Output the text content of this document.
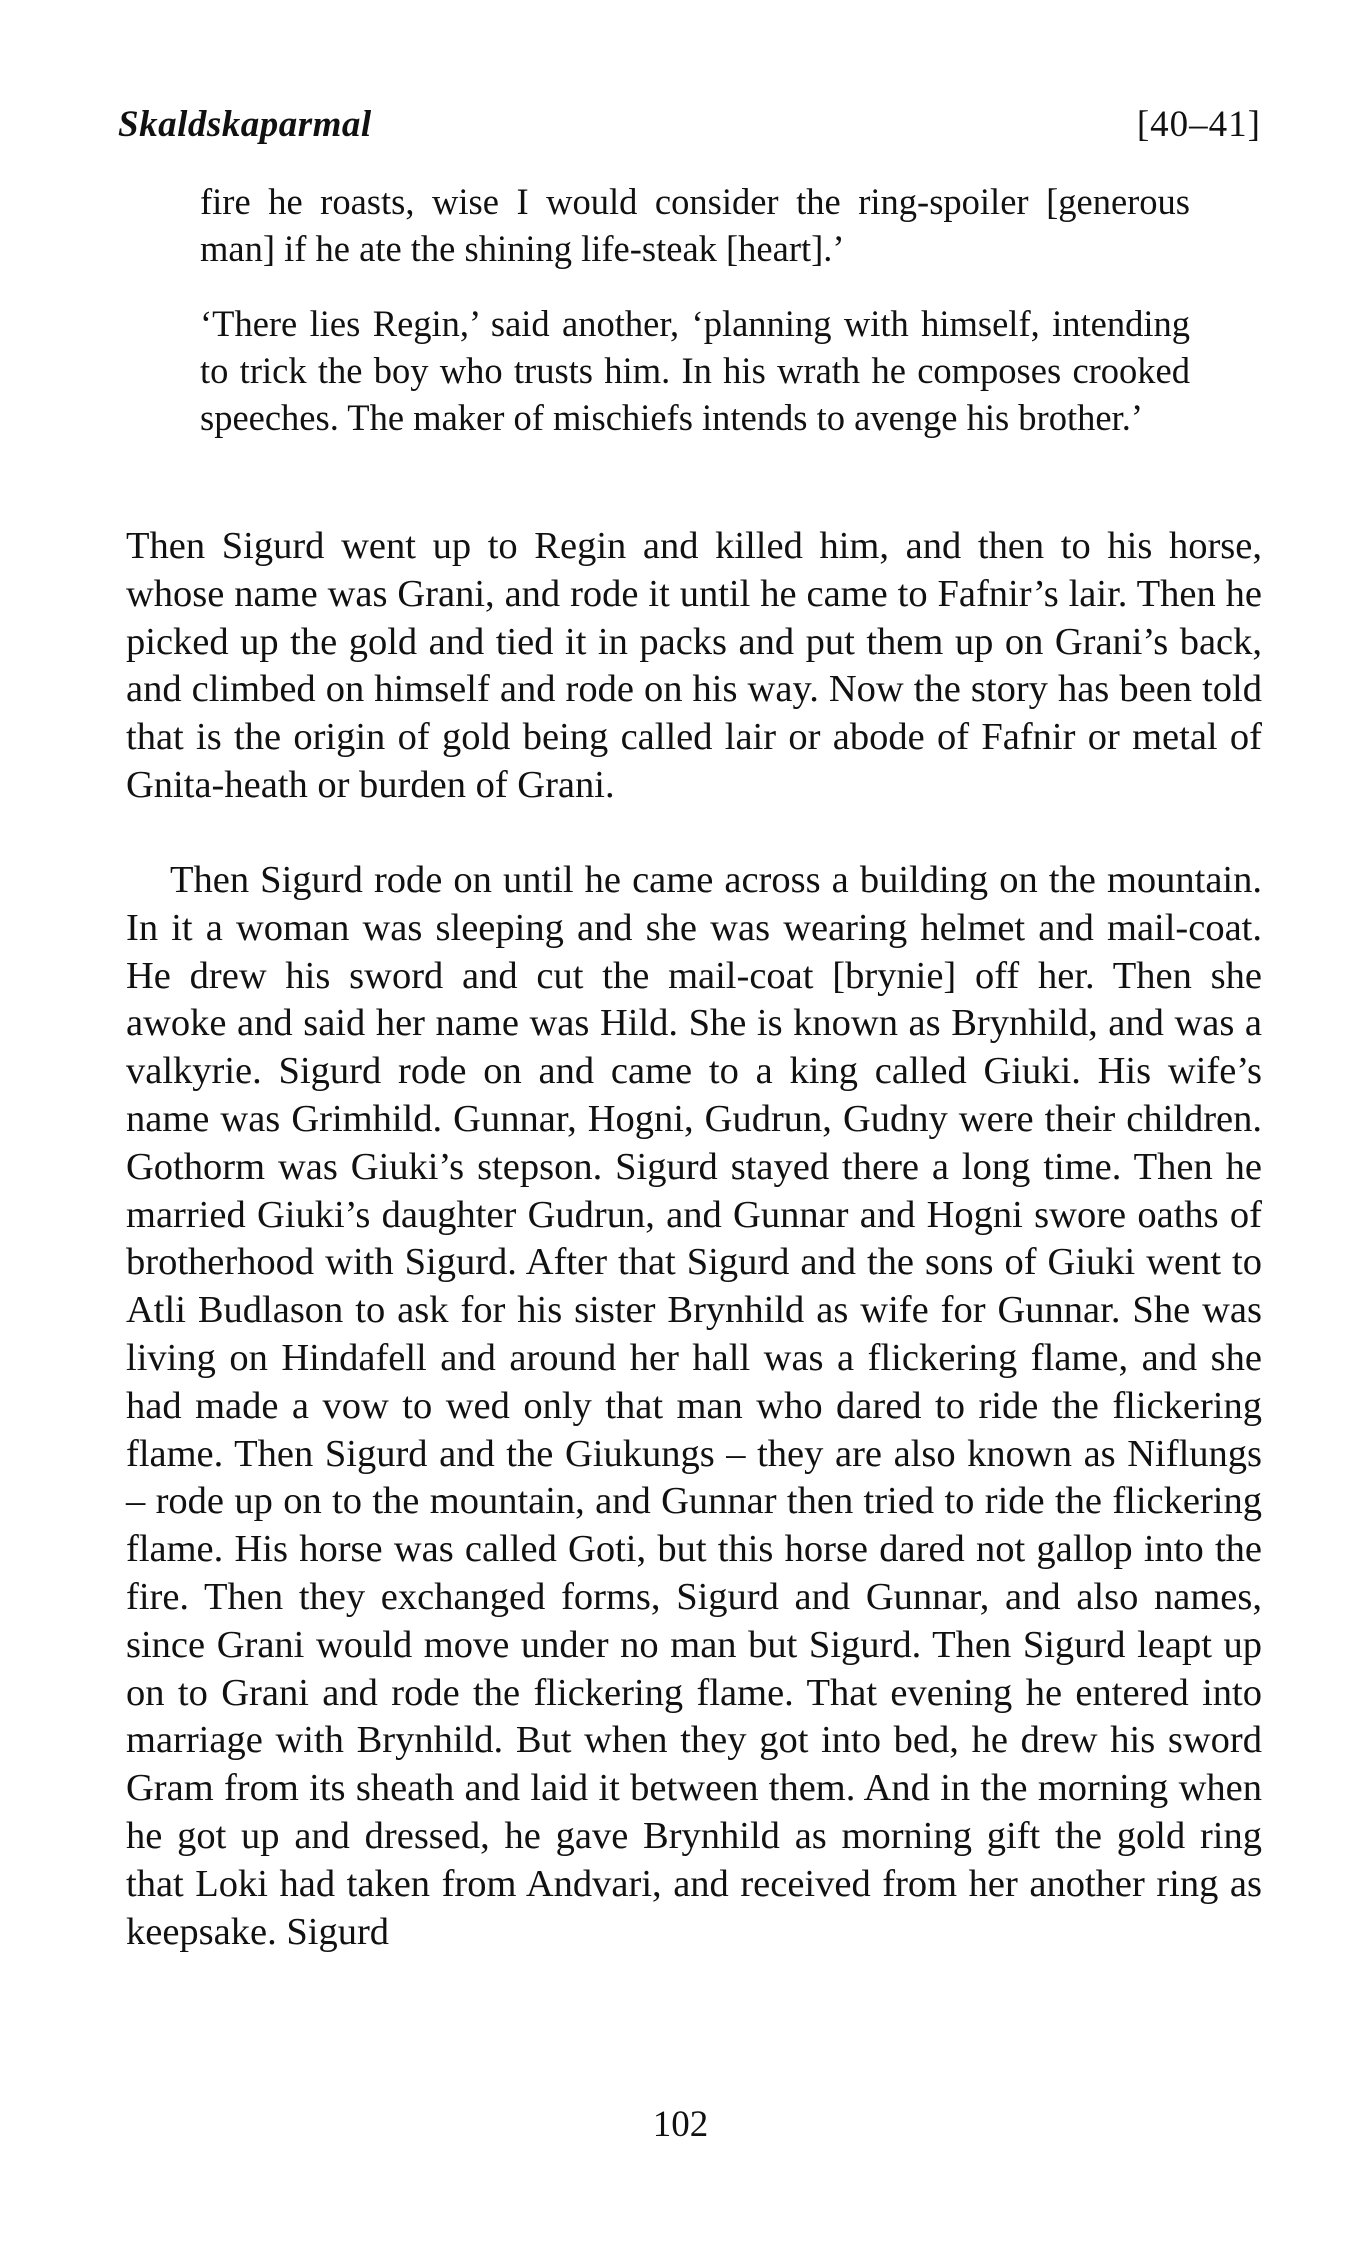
Skaldskaparmal	[40–41]

fire he roasts, wise I would consider the ring-spoiler [generous man] if he ate the shining life-steak [heart].’

‘There lies Regin,’ said another, ‘planning with himself, intending to trick the boy who trusts him. In his wrath he composes crooked speeches. The maker of mischiefs intends to avenge his brother.’

Then Sigurd went up to Regin and killed him, and then to his horse, whose name was Grani, and rode it until he came to Fafnir’s lair. Then he picked up the gold and tied it in packs and put them up on Grani’s back, and climbed on himself and rode on his way. Now the story has been told that is the origin of gold being called lair or abode of Fafnir or metal of Gnita-heath or burden of Grani.

Then Sigurd rode on until he came across a building on the mountain. In it a woman was sleeping and she was wearing helmet and mail-coat. He drew his sword and cut the mail-coat [brynie] off her. Then she awoke and said her name was Hild. She is known as Brynhild, and was a valkyrie. Sigurd rode on and came to a king called Giuki. His wife’s name was Grimhild. Gunnar, Hogni, Gudrun, Gudny were their children. Gothorm was Giuki’s stepson. Sigurd stayed there a long time. Then he married Giuki’s daughter Gudrun, and Gunnar and Hogni swore oaths of brotherhood with Sigurd. After that Sigurd and the sons of Giuki went to Atli Budlason to ask for his sister Brynhild as wife for Gunnar. She was living on Hindafell and around her hall was a flickering flame, and she had made a vow to wed only that man who dared to ride the flickering flame. Then Sigurd and the Giukungs – they are also known as Niflungs – rode up on to the mountain, and Gunnar then tried to ride the flickering flame. His horse was called Goti, but this horse dared not gallop into the fire. Then they exchanged forms, Sigurd and Gunnar, and also names, since Grani would move under no man but Sigurd. Then Sigurd leapt up on to Grani and rode the flickering flame. That evening he entered into marriage with Brynhild. But when they got into bed, he drew his sword Gram from its sheath and laid it between them. And in the morning when he got up and dressed, he gave Brynhild as morning gift the gold ring that Loki had taken from Andvari, and received from her another ring as keepsake. Sigurd

102
